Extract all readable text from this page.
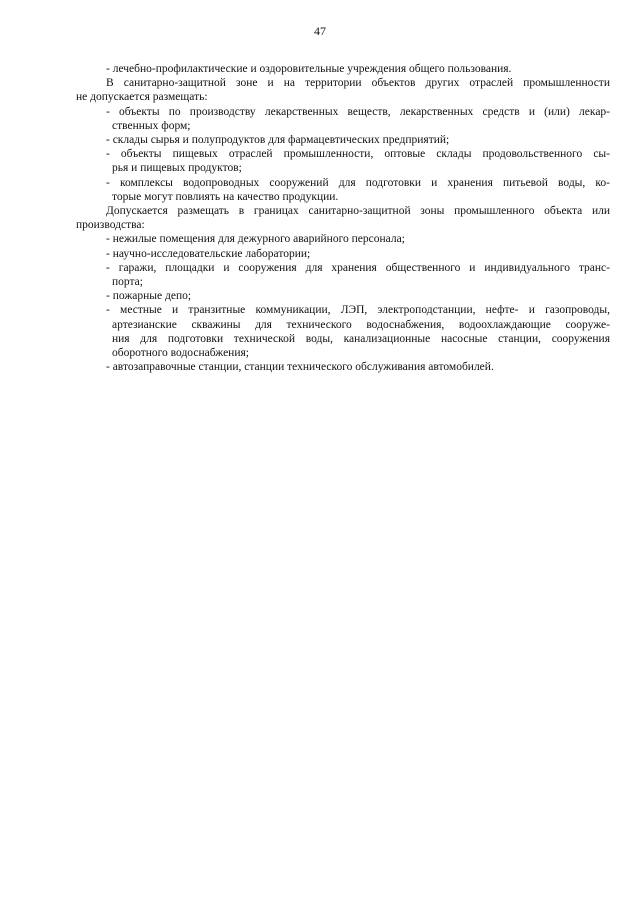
47
- лечебно-профилактические и оздоровительные учреждения общего пользования.
В санитарно-защитной зоне и на территории объектов других отраслей промышленности
не допускается размещать:
- объекты по производству лекарственных веществ, лекарственных средств и (или) лекар-
ственных форм;
- склады сырья и полупродуктов для фармацевтических предприятий;
- объекты пищевых отраслей промышленности, оптовые склады продовольственного сы-
рья и пищевых продуктов;
- комплексы водопроводных сооружений для подготовки и хранения питьевой воды, ко-
торые могут повлиять на качество продукции.
Допускается размещать в границах санитарно-защитной зоны промышленного объекта или
производства:
- нежилые помещения для дежурного аварийного персонала;
- научно-исследовательские лаборатории;
- гаражи, площадки и сооружения для хранения общественного и индивидуального транс-
порта;
- пожарные депо;
- местные и транзитные коммуникации, ЛЭП, электроподстанции, нефте- и газопроводы,
артезианские скважины для технического водоснабжения, водоохлаждающие сооруже-
ния для подготовки технической воды, канализационные насосные станции, сооружения
оборотного водоснабжения;
- автозаправочные станции, станции технического обслуживания автомобилей.
